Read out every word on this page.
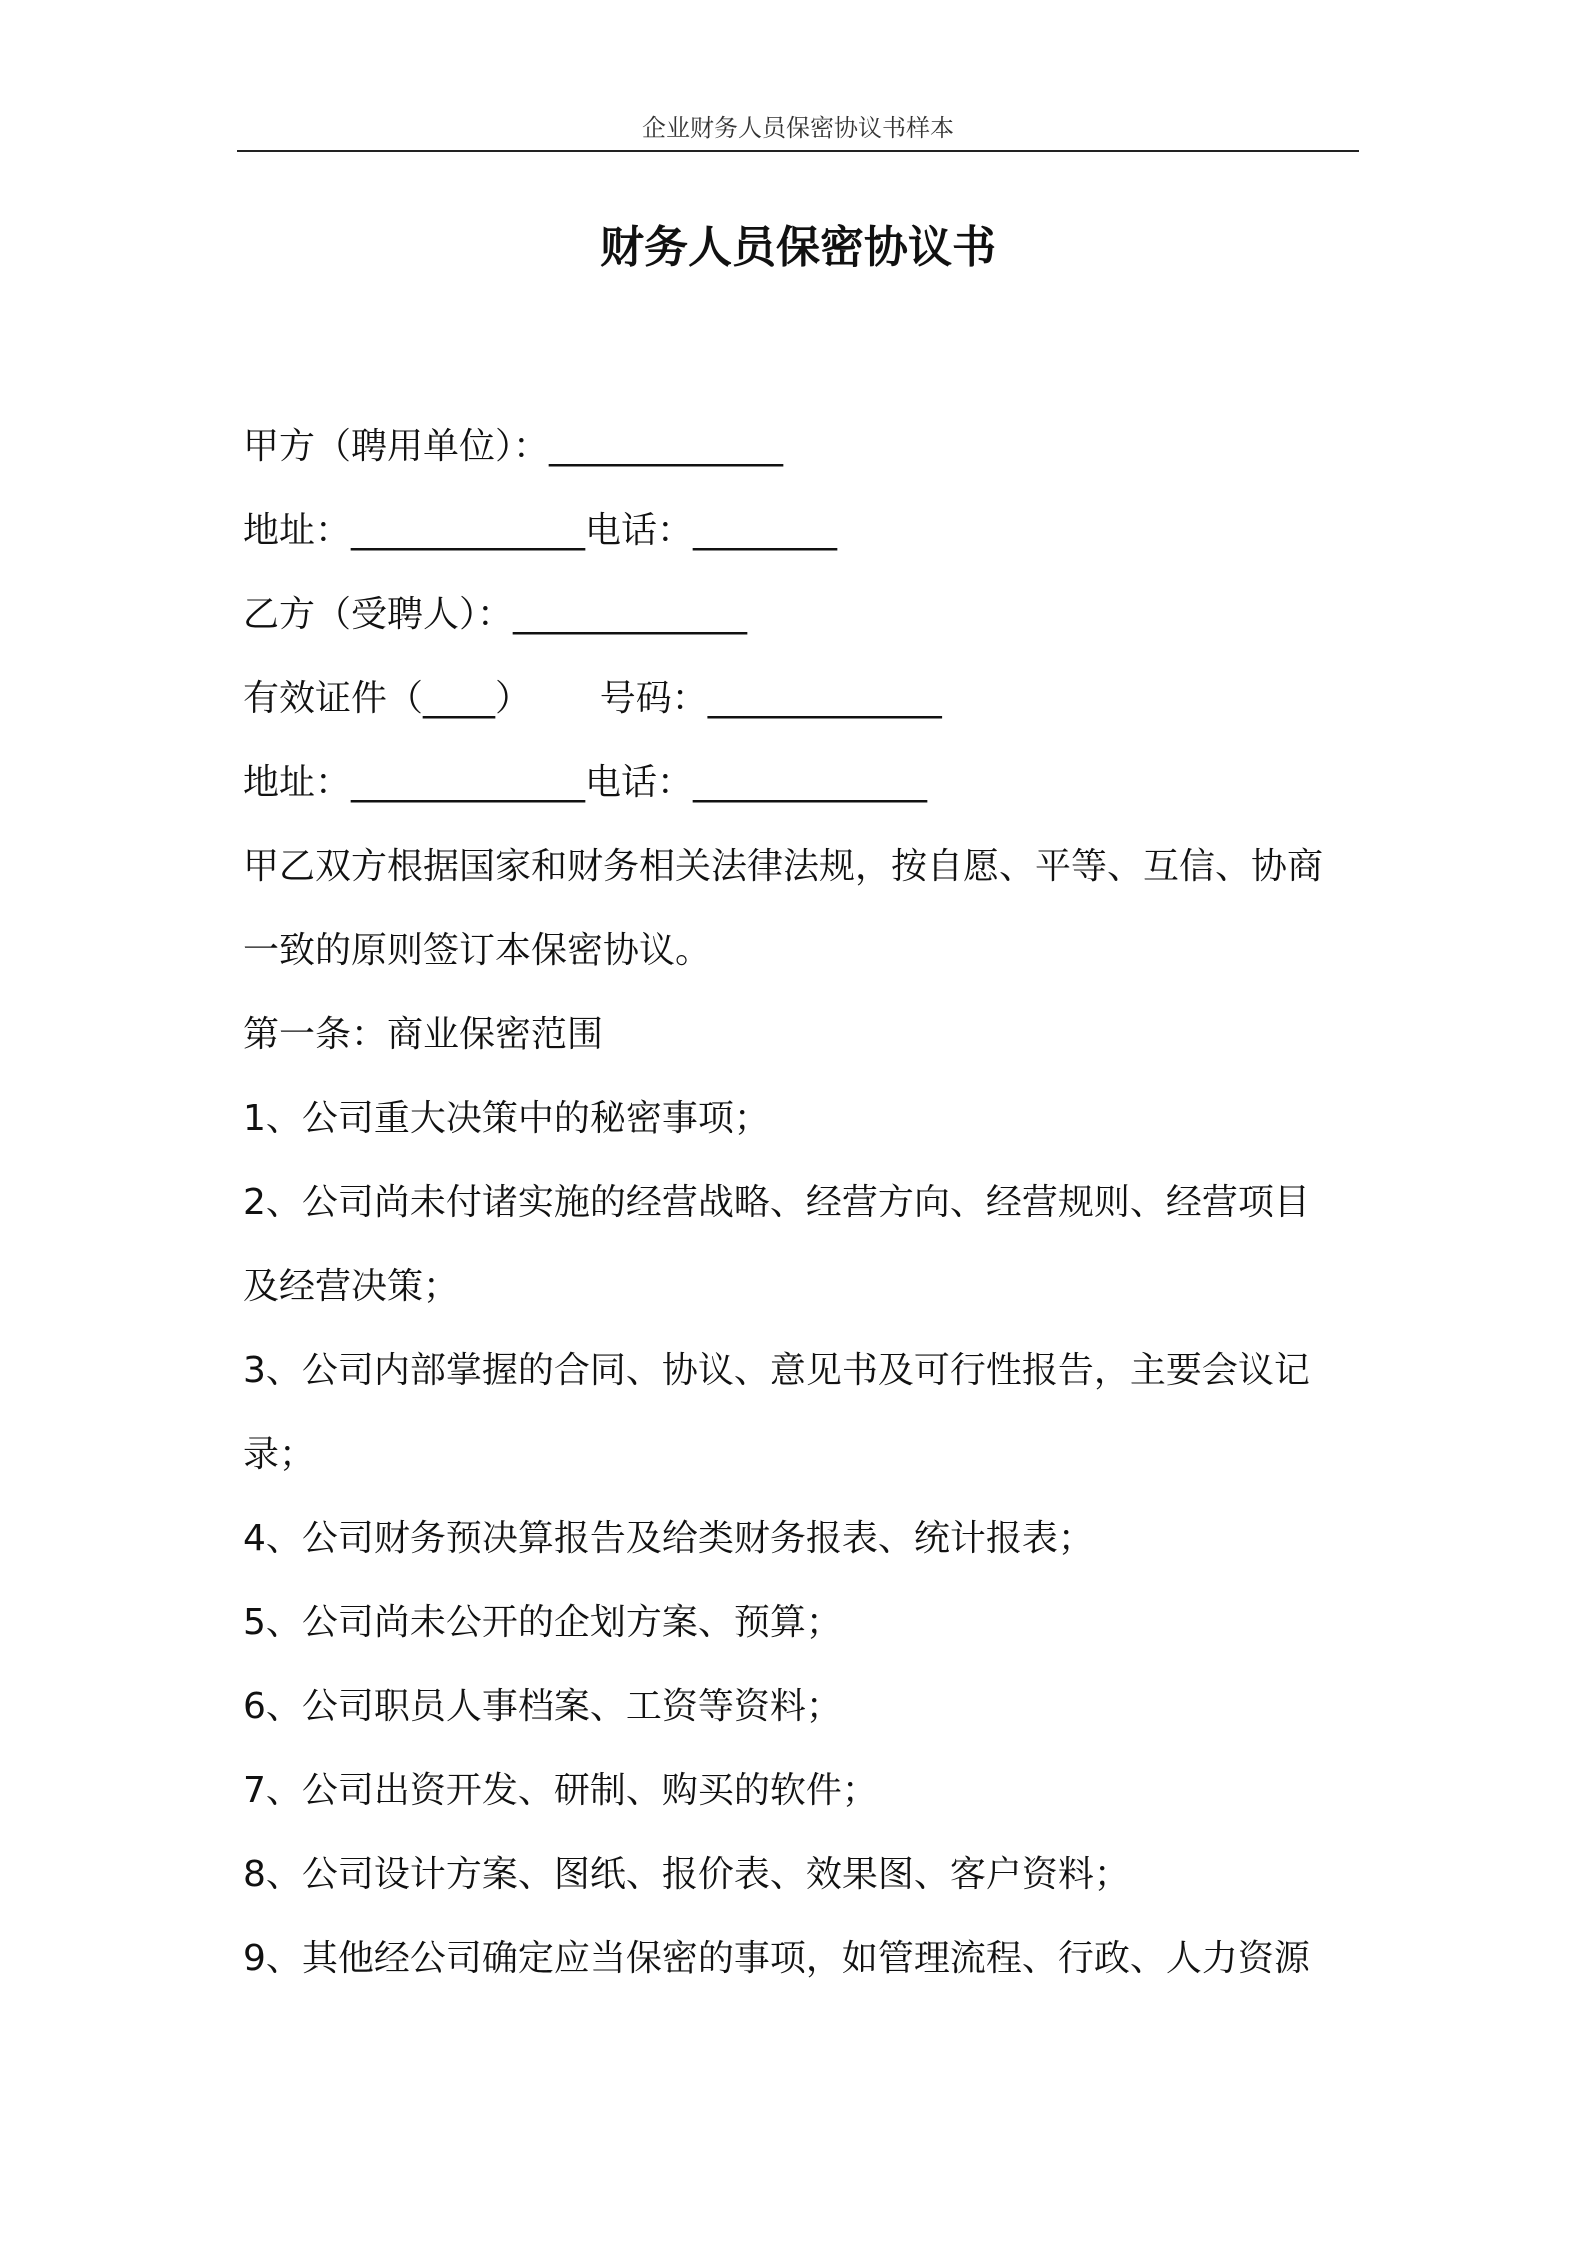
企业财务人员保密协议书样本
财务人员保密协议书

甲方（聘用单位）：_____________

地址：_____________电话：________

乙方（受聘人）：_____________

有效证件（____） 号码：_____________

地址：_____________电话：_____________

甲乙双方根据国家和财务相关法律法规，按自愿、平等、互信、协商

一致的原则签订本保密协议。

第一条：商业保密范围

1、公司重大决策中的秘密事项；

2、公司尚未付诸实施的经营战略、经营方向、经营规则、经营项目

及经营决策；

3、公司内部掌握的合同、协议、意见书及可行性报告，主要会议记

录；

4、公司财务预决算报告及给类财务报表、统计报表；

5、公司尚未公开的企划方案、预算；

6、公司职员人事档案、工资等资料；

7、公司出资开发、研制、购买的软件；

8、公司设计方案、图纸、报价表、效果图、客户资料；

9、其他经公司确定应当保密的事项，如管理流程、行政、人力资源
